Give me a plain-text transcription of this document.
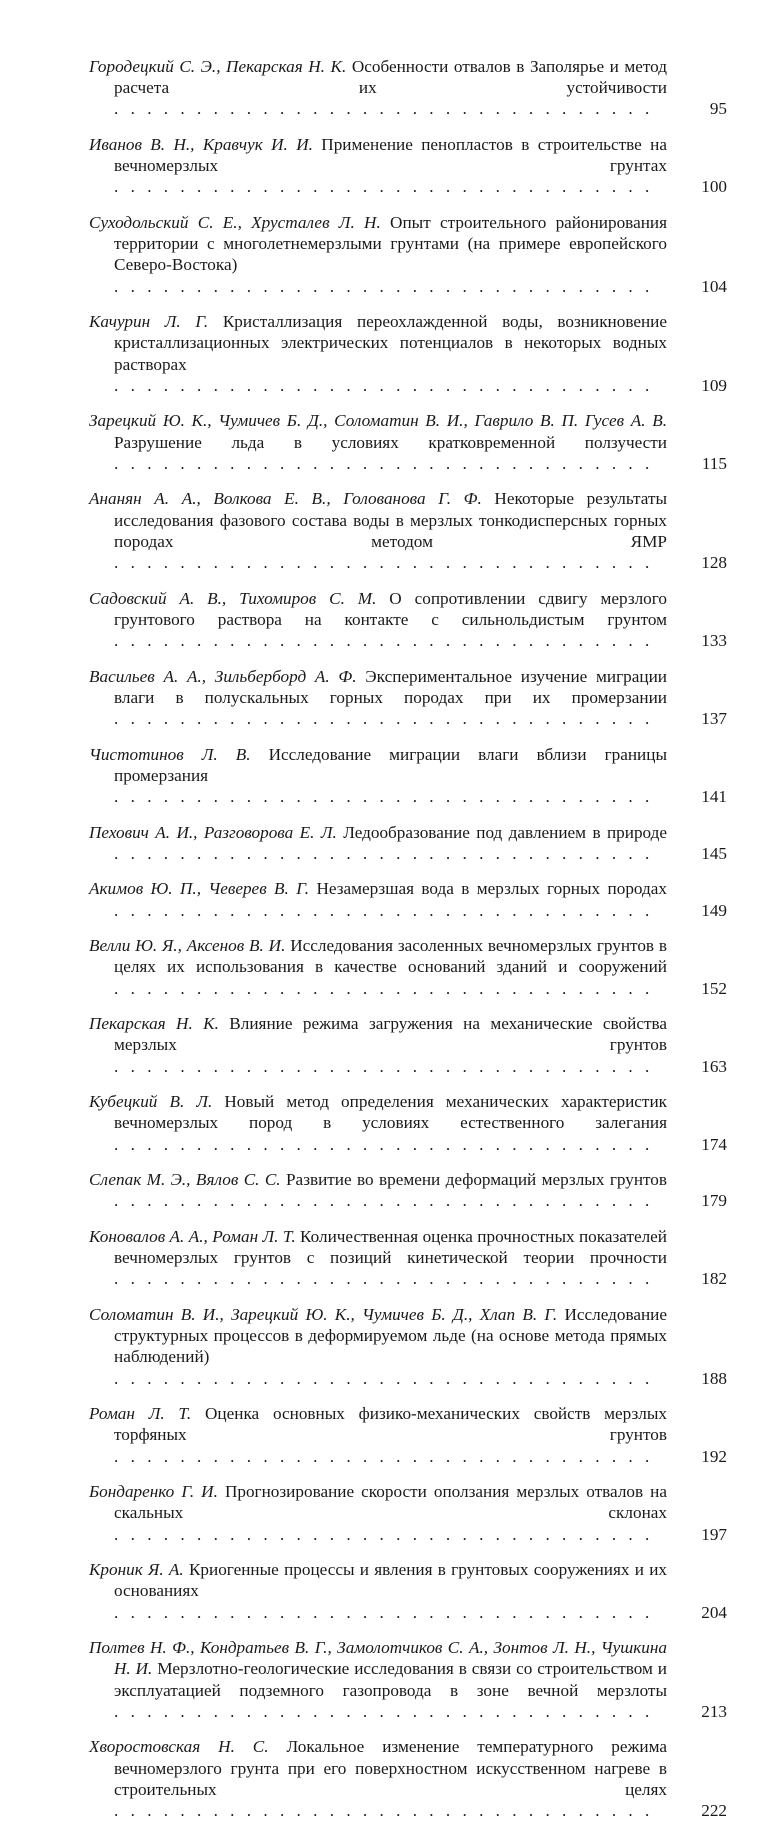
Городецкий С. Э., Пекарская Н. К. Особенности отвалов в Заполярье и метод расчета их устойчивости . . . . . . . . . . . . . . . . . . . . . . . . . . . . . . . . .	95
Иванов В. Н., Кравчук И. И. Применение пенопластов в строительстве на вечномерзлых грунтах . . . . . . . . . . . . . . . . . . . . . . . . . . . . . . . . .	100
Суходольский С. Е., Хрусталев Л. Н. Опыт строительного районирования территории с многолетнемерзлыми грунтами (на примере европейского Северо-Востока) . . . . . . . . . . . . . . . . . . . . . . . . . . . . . . . . .	104
Качурин Л. Г. Кристаллизация переохлажденной воды, возникновение кристаллизационных электрических потенциалов в некоторых водных растворах . . . . . . . . . . . . . . . . . . . . . . . . . . . . . . . . .	109
Зарецкий Ю. К., Чумичев Б. Д., Соломатин В. И., Гаврило В. П. Гусев А. В. Разрушение льда в условиях кратковременной ползучести . . . . . . . . . . . . . . . . . . . . . . . . . . . . . . . . .	115
Ананян А. А., Волкова Е. В., Голованова Г. Ф. Некоторые результаты исследования фазового состава воды в мерзлых тонкодисперсных горных породах методом ЯМР . . . . . . . . . . . . . . . . . . . . . . . . . . . . . . . . .	128
Садовский А. В., Тихомиров С. М. О сопротивлении сдвигу мерзлого грунтового раствора на контакте с сильнольдистым грунтом . . . . . . . . . . . . . . . . . . . . . . . . . . . . . . . . .	133
Васильев А. А., Зильберборд А. Ф. Экспериментальное изучение миграции влаги в полускальных горных породах при их промерзании . . . . . . . . . . . . . . . . . . . . . . . . . . . . . . . . .	137
Чистотинов Л. В. Исследование миграции влаги вблизи границы промерзания . . . . . . . . . . . . . . . . . . . . . . . . . . . . . . . . .	141
Пехович А. И., Разговорова Е. Л. Ледообразование под давлением в природе . . . . . . . . . . . . . . . . . . . . . . . . . . . . . . . . .	145
Акимов Ю. П., Чеверев В. Г. Незамерзшая вода в мерзлых горных породах . . . . . . . . . . . . . . . . . . . . . . . . . . . . . . . . .	149
Велли Ю. Я., Аксенов В. И. Исследования засоленных вечномерзлых грунтов в целях их использования в качестве оснований зданий и сооружений . . . . . . . . . . . . . . . . . . . . . . . . . . . . . . . . .	152
Пекарская Н. К. Влияние режима загружения на механические свойства мерзлых грунтов . . . . . . . . . . . . . . . . . . . . . . . . . . . . . . . . .	163
Кубецкий В. Л. Новый метод определения механических характеристик вечномерзлых пород в условиях естественного залегания . . . . . . . . . . . . . . . . . . . . . . . . . . . . . . . . .	174
Слепак М. Э., Вялов С. С. Развитие во времени деформаций мерзлых грунтов . . . . . . . . . . . . . . . . . . . . . . . . . . . . . . . . .	179
Коновалов А. А., Роман Л. Т. Количественная оценка прочностных показателей вечномерзлых грунтов с позиций кинетической теории прочности . . . . . . . . . . . . . . . . . . . . . . . . . . . . . . . . .	182
Соломатин В. И., Зарецкий Ю. К., Чумичев Б. Д., Хлап В. Г. Исследование структурных процессов в деформируемом льде (на основе метода прямых наблюдений) . . . . . . . . . . . . . . . . . . . . . . . . . . . . . . . . .	188
Роман Л. Т. Оценка основных физико-механических свойств мерзлых торфяных грунтов . . . . . . . . . . . . . . . . . . . . . . . . . . . . . . . . .	192
Бондаренко Г. И. Прогнозирование скорости оползания мерзлых отвалов на скальных склонах . . . . . . . . . . . . . . . . . . . . . . . . . . . . . . . . .	197
Кроник Я. А. Криогенные процессы и явления в грунтовых сооружениях и их основаниях . . . . . . . . . . . . . . . . . . . . . . . . . . . . . . . . .	204
Полтев Н. Ф., Кондратьев В. Г., Замолотчиков С. А., Зонтов Л. Н., Чушкина Н. И. Мерзлотно-геологические исследования в связи со строительством и эксплуатацией подземного газопровода в зоне вечной мерзлоты . . . . . . . . . . . . . . . . . . . . . . . . . . . . . . . . .	213
Хворостовская Н. С. Локальное изменение температурного режима вечномерзлого грунта при его поверхностном искусственном нагреве в строительных целях . . . . . . . . . . . . . . . . . . . . . . . . . . . . . . . . .	222
